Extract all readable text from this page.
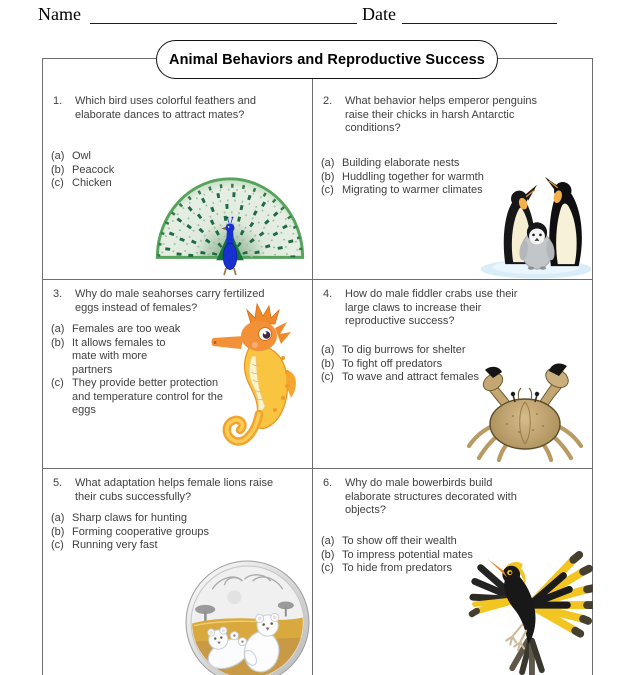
Name	Date
Animal Behaviors and Reproductive Success
1.	Which bird uses colorful feathers and elaborate dances to attract mates?
(a) Owl
(b) Peacock
(c) Chicken
2.	What behavior helps emperor penguins raise their chicks in harsh Antarctic conditions?
(a) Building elaborate nests
(b) Huddling together for warmth
(c) Migrating to warmer climates
3.	Why do male seahorses carry fertilized eggs instead of females?
(a) Females are too weak
(b) It allows females to mate with more partners
(c) They provide better protection and temperature control for the eggs
4.	How do male fiddler crabs use their large claws to increase their reproductive success?
(a) To dig burrows for shelter
(b) To fight off predators
(c) To wave and attract females
5.	What adaptation helps female lions raise their cubs successfully?
(a) Sharp claws for hunting
(b) Forming cooperative groups
(c) Running very fast
6.	Why do male bowerbirds build elaborate structures decorated with objects?
(a) To show off their wealth
(b) To impress potential mates
(c) To hide from predators
